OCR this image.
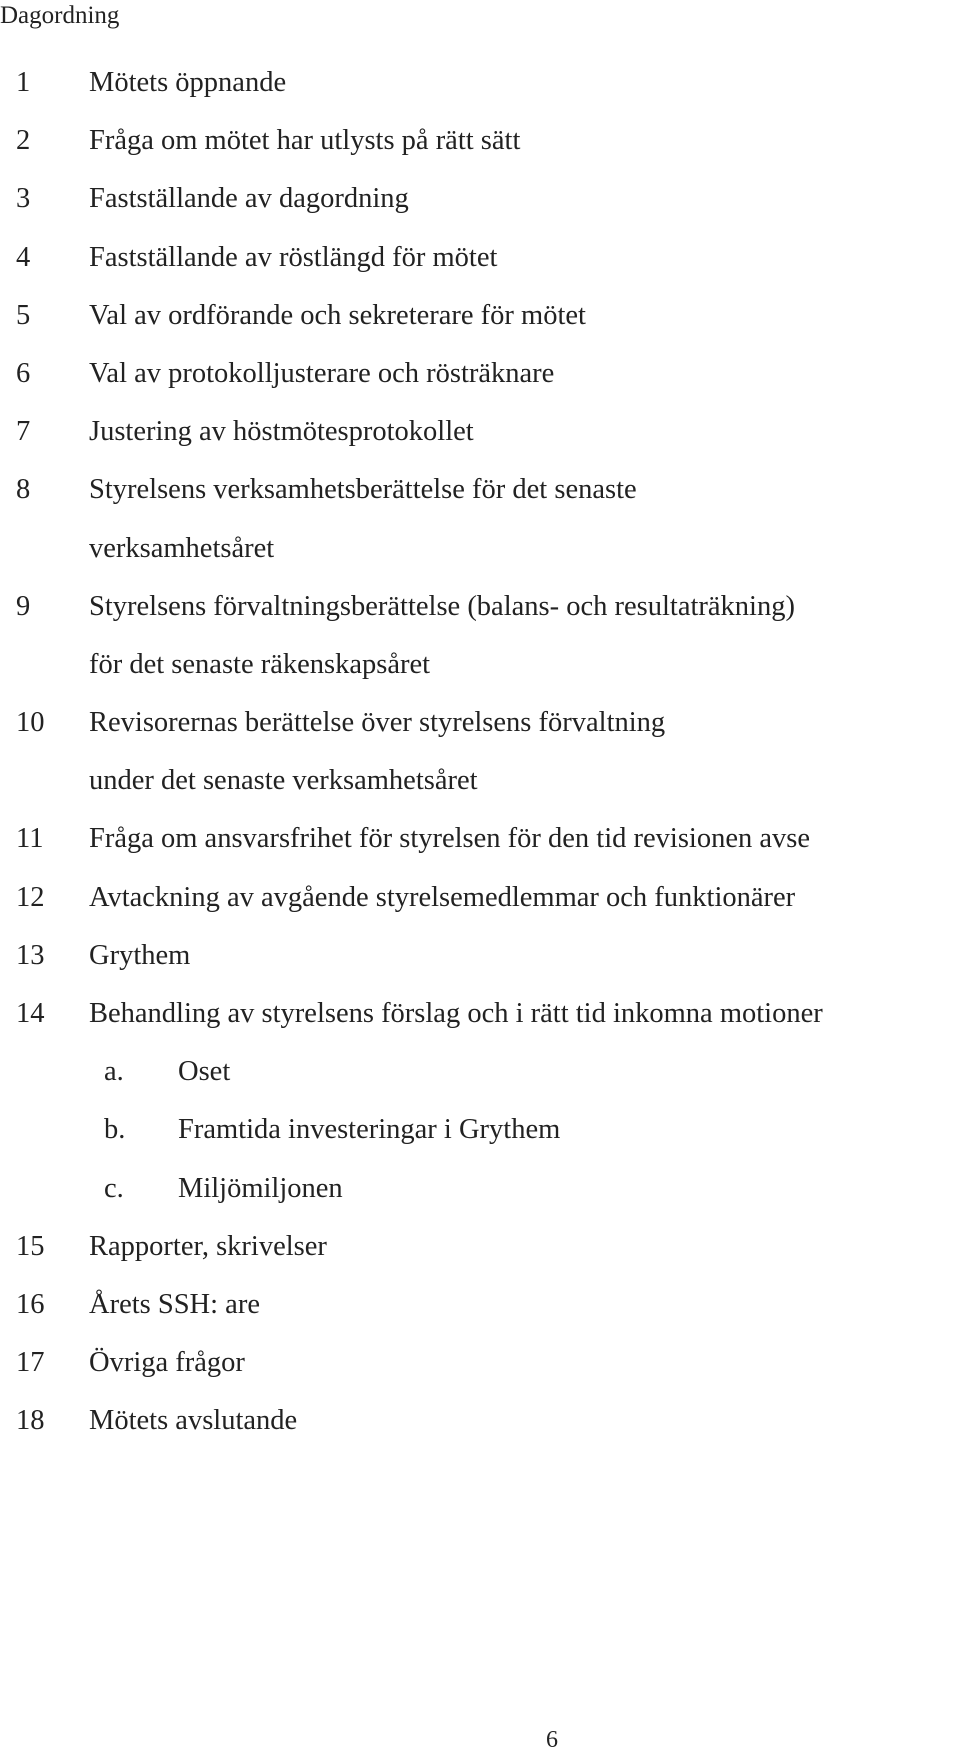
Dagordning
1 Mötets öppnande
2 Fråga om mötet har utlysts på rätt sätt
3 Fastställande av dagordning
4 Fastställande av röstlängd för mötet
5 Val av ordförande och sekreterare för mötet
6 Val av protokolljusterare och rösträknare
7 Justering av höstmötesprotokollet
8 Styrelsens verksamhetsberättelse för det senaste
verksamhetsåret
9 Styrelsens förvaltningsberättelse (balans- och resultaträkning)
för det senaste räkenskapsåret
10 Revisorernas berättelse över styrelsens förvaltning
under det senaste verksamhetsåret
11 Fråga om ansvarsfrihet för styrelsen för den tid revisionen avse
12 Avtackning av avgående styrelsemedlemmar och funktionärer
13 Grythem
14 Behandling av styrelsens förslag och i rätt tid inkomna motioner
a. Oset
b. Framtida investeringar i Grythem
c. Miljömiljonen
15 Rapporter, skrivelser
16 Årets SSH: are
17 Övriga frågor
18 Mötets avslutande
6
